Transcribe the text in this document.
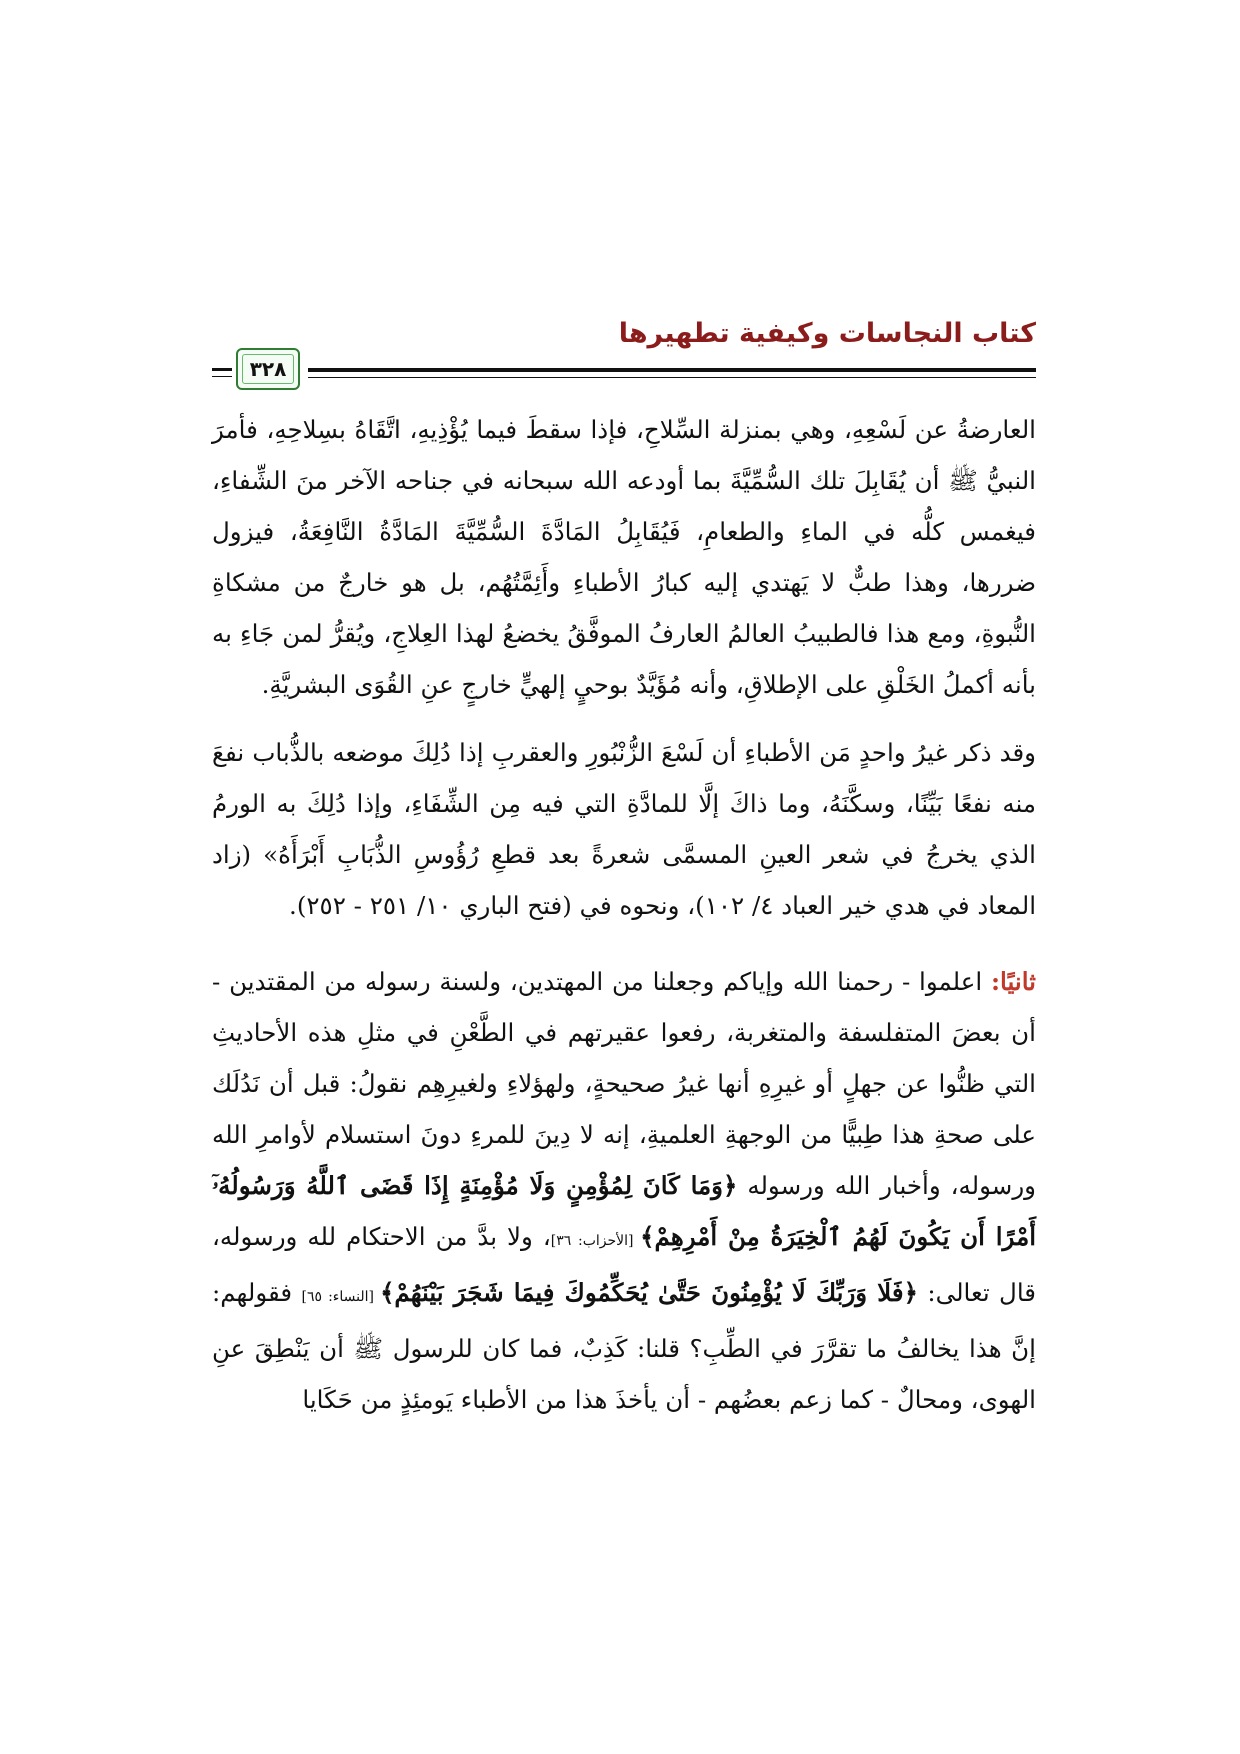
كتاب النجاسات وكيفية تطهيرها
٣٢٨

العارضةُ عن لَسْعِهِ، وهي بمنزلة السِّلاحِ، فإذا سقطَ فيما يُؤْذِيهِ، اتَّقَاهُ بسِلاحِهِ، فأمرَ النبيُّ ﷺ أن يُقَابِلَ تلك السُّمِّيَّةَ بما أودعه الله سبحانه في جناحه الآخر منَ الشِّفاءِ، فيغمس كلُّه في الماءِ والطعامِ، فَيُقَابِلُ المَادَّةَ السُّمِّيَّةَ المَادَّةُ النَّافِعَةُ، فيزول ضررها، وهذا طبٌّ لا يَهتدي إليه كبارُ الأطباءِ وأَئِمَّتُهُم، بل هو خارجٌ من مشكاةِ النُّبوةِ، ومع هذا فالطبيبُ العالمُ العارفُ الموفَّقُ يخضعُ لهذا العِلاجِ، ويُقرُّ لمن جَاءِ به بأنه أكملُ الخَلْقِ على الإطلاقِ، وأنه مُؤَيَّدٌ بوحيٍ إلهيٍّ خارجٍ عنِ القُوَى البشريَّةِ.

وقد ذكر غيرُ واحدٍ مَن الأطباءِ أن لَسْعَ الزُّنْبُورِ والعقربِ إذا دُلِكَ موضعه بالذُّباب نفعَ منه نفعًا بَيِّنًا، وسكَّنَهُ، وما ذاكَ إلَّا للمادَّةِ التي فيه مِن الشِّفَاءِ، وإذا دُلِكَ به الورمُ الذي يخرجُ في شعر العينِ المسمَّى شعرةً بعد قطعِ رُؤُوسِ الذُّبَابِ أَبْرَأَهُ» (زاد المعاد في هدي خير العباد ٤/ ١٠٢)، ونحوه في (فتح الباري ١٠/ ٢٥١ - ٢٥٢).

ثانيًا: اعلموا - رحمنا الله وإياكم وجعلنا من المهتدين، ولسنة رسوله من المقتدين - أن بعضَ المتفلسفة والمتغربة، رفعوا عقيرتهم في الطَّعْنِ في مثلِ هذه الأحاديثِ التي ظنُّوا عن جهلٍ أو غيرِهِ أنها غيرُ صحيحةٍ، ولهؤلاءِ ولغيرِهِم نقولُ: قبل أن نَدُلَك على صحةِ هذا طِبيًّا من الوجهةِ العلميةِ، إنه لا دِينَ للمرءِ دونَ استسلام لأوامرِ الله ورسوله، وأخبار الله ورسوله ﴿وَمَا كَانَ لِمُؤْمِنٍ وَلَا مُؤْمِنَةٍ إِذَا قَضَى ٱللَّهُ وَرَسُولُهُۥٓ أَمْرًا أَن يَكُونَ لَهُمُ ٱلْخِيَرَةُ مِنْ أَمْرِهِمْ﴾ [الأحزاب: ٣٦]، ولا بدَّ من الاحتكام لله ورسوله، قال تعالى: ﴿فَلَا وَرَبِّكَ لَا يُؤْمِنُونَ حَتَّىٰ يُحَكِّمُوكَ فِيمَا شَجَرَ بَيْنَهُمْ﴾ [النساء: ٦٥] فقولهم: إنَّ هذا يخالفُ ما تقرَّرَ في الطِّبِ؟ قلنا: كَذِبٌ، فما كان للرسول ﷺ أن يَنْطِقَ عنِ الهوى، ومحالٌ - كما زعم بعضُهم - أن يأخذَ هذا من الأطباء يَومئِذٍ من حَكَايا
